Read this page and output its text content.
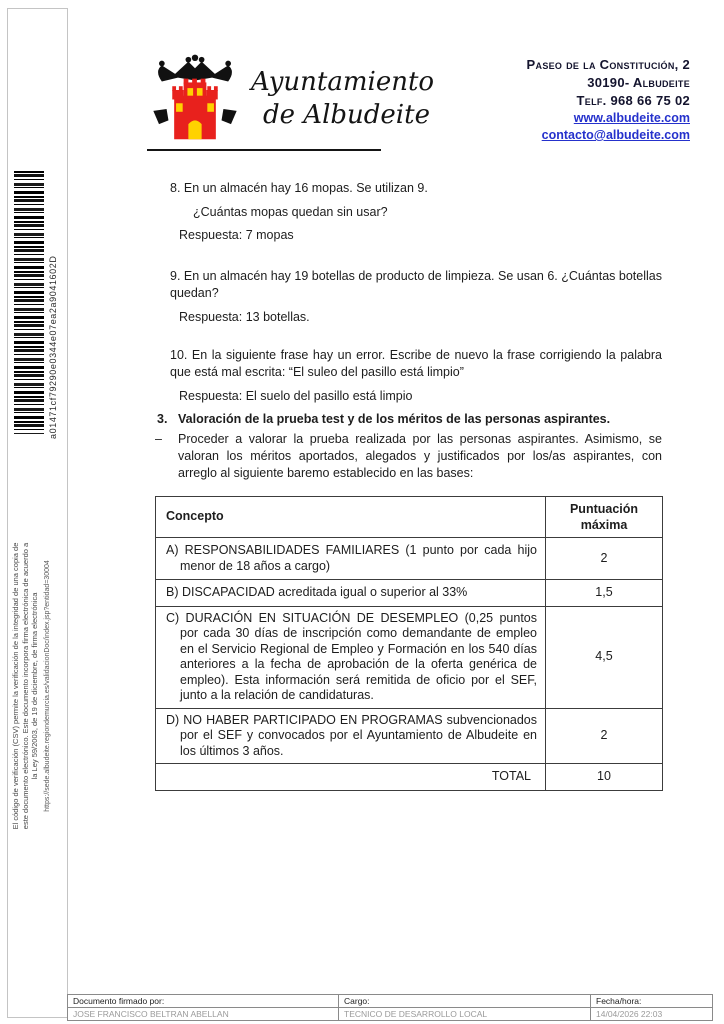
a01471cf79290e0344e07ea2a9041602D
El código de verificación (CSV) permite la verificación de la integridad de una copia de este documento electrónico. Este documento incorpora firma electrónica de acuerdo a la Ley 59/2003, de 19 de diciembre, de firma electrónica https://sede.albudeite.regiondemurcia.es/validacionDoc/index.jsp?entidad=30004
Ayuntamiento
de Albudeite
Paseo de la Constitución, 2
30190- Albudeite
Telf. 968 66 75 02
www.albudeite.com
contacto@albudeite.com
8. En un almacén hay 16 mopas. Se utilizan 9.
¿Cuántas mopas quedan sin usar?
Respuesta: 7 mopas
9. En un almacén hay 19 botellas de producto de limpieza. Se usan 6. ¿Cuántas botellas quedan?
Respuesta: 13 botellas.
10. En la siguiente frase hay un error. Escribe de nuevo la frase corrigiendo la palabra que está mal escrita: “El suleo del pasillo está limpio”
Respuesta: El suelo del pasillo está limpio
3. Valoración de la prueba test y de los méritos de las personas aspirantes.
–	Proceder a valorar la prueba realizada por las personas aspirantes. Asimismo, se valoran los méritos aportados, alegados y justificados por los/as aspirantes, con arreglo al siguiente baremo establecido en las bases:
Concepto	Puntuación máxima
A) RESPONSABILIDADES FAMILIARES (1 punto por cada hijo menor de 18 años a cargo)	2
B) DISCAPACIDAD acreditada igual o superior al 33%	1,5
C) DURACIÓN EN SITUACIÓN DE DESEMPLEO (0,25 puntos por cada 30 días de inscripción como demandante de empleo en el Servicio Regional de Empleo y Formación en los 540 días anteriores a la fecha de aprobación de la oferta genérica de empleo). Esta información será remitida de oficio por el SEF, junto a la relación de candidaturas.	4,5
D) NO HABER PARTICIPADO EN PROGRAMAS subvencionados por el SEF y convocados por el Ayuntamiento de Albudeite en los últimos 3 años.	2
TOTAL	10
Documento firmado por:	Cargo:	Fecha/hora:
JOSE FRANCISCO BELTRAN ABELLAN	TECNICO DE DESARROLLO LOCAL	14/04/2026 22:03
